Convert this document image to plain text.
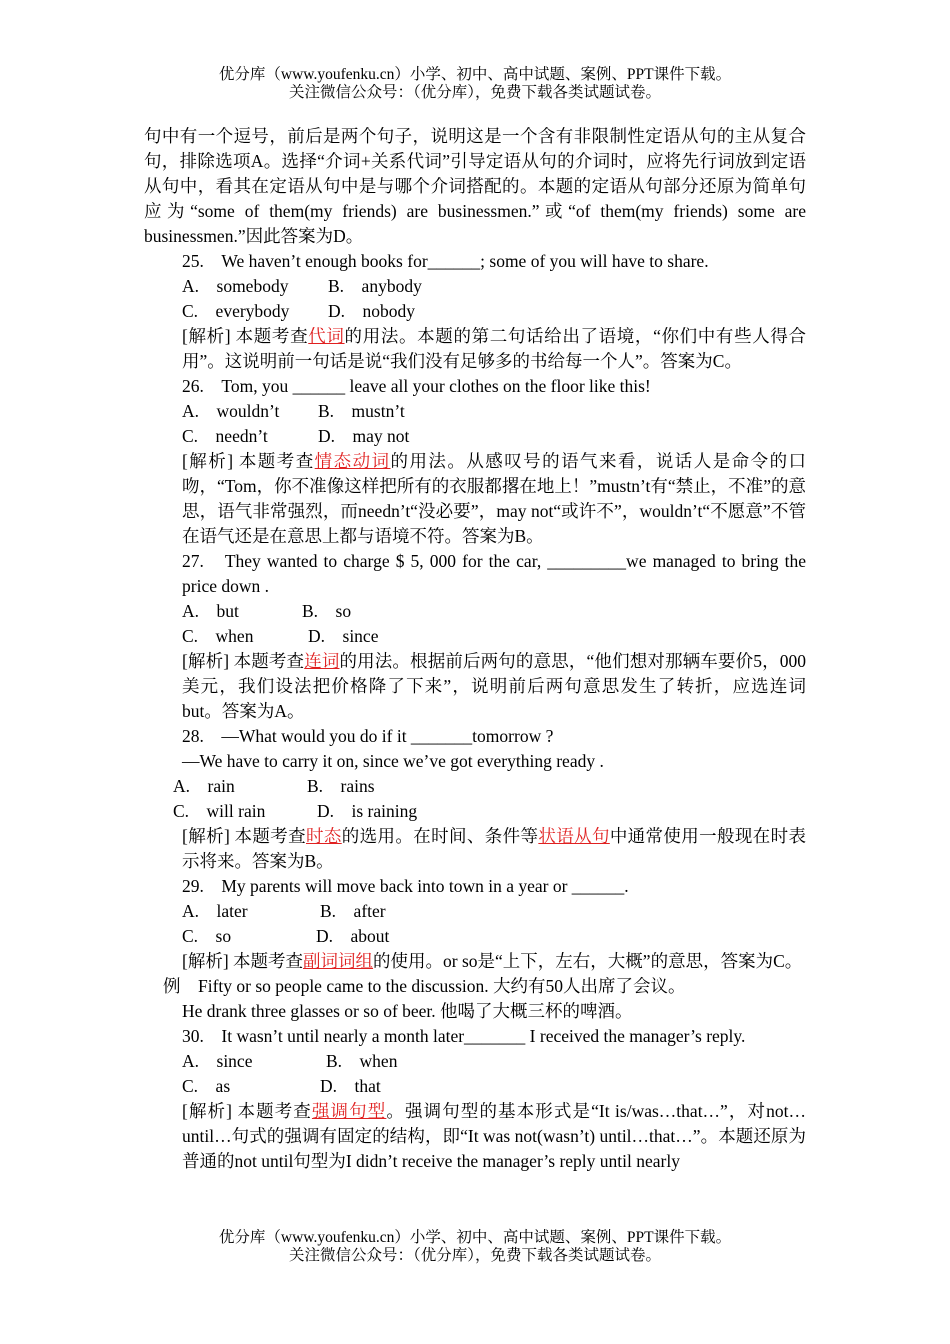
优分库（www.youfenku.cn）小学、初中、高中试题、案例、PPT课件下载。
关注微信公众号：（优分库），免费下载各类试题试卷。

句中有一个逗号，前后是两个句子，说明这是一个含有非限制性定语从句的主从复合句，排除选项A。选择“介词+关系代词”引导定语从句的介词时，应将先行词放到定语从句中，看其在定语从句中是与哪个介词搭配的。本题的定语从句部分还原为简单句应为“some of them(my friends) are businessmen.”或“of them(my friends) some are businessmen.”因此答案为D。

25.　We haven’t enough books for______; some of you will have to share.

A.　somebody B.　anybody

C.　everybody D.　nobody

[解析] 本题考查代词的用法。本题的第二句话给出了语境，“你们中有些人得合用”。这说明前一句话是说“我们没有足够多的书给每一个人”。答案为C。

26.　Tom, you ______ leave all your clothes on the floor like this!

A.　wouldn’t B.　mustn’t

C.　needn’t	D.　may not

[解析] 本题考查情态动词的用法。从感叹号的语气来看，说话人是命令的口吻，“Tom，你不准像这样把所有的衣服都撂在地上！”mustn’t有“禁止，不准”的意思，语气非常强烈，而needn’t“没必要”，may not“或许不”，wouldn’t“不愿意”不管在语气还是在意思上都与语境不符。答案为B。

27.　They wanted to charge $ 5, 000 for the car, _________we managed to bring the price down .

A.　but	B.　so

C.　when	D.　since

[解析] 本题考查连词的用法。根据前后两句的意思，“他们想对那辆车要价5，000美元，我们设法把价格降了下来”，说明前后两句意思发生了转折，应选连词but。答案为A。

28.　—What would you do if it _______tomorrow ?

—We have to carry it on, since we’ve got everything ready .

A.　rain	B.　rains

C.　will rain	D.　is raining

[解析] 本题考查时态的选用。在时间、条件等状语从句中通常使用一般现在时表示将来。答案为B。

29.　My parents will move back into town in a year or ______.

A.　later	B.　after

C.　so	D.　about

[解析] 本题考查副词词组的使用。or so是“上下，左右，大概”的意思，答案为C。

例　Fifty or so people came to the discussion. 大约有50人出席了会议。

He drank three glasses or so of beer. 他喝了大概三杯的啤酒。

30.　It wasn’t until nearly a month later_______ I received the manager’s reply.

A.　since	B.　when

C.　as	D.　that

[解析] 本题考查强调句型。强调句型的基本形式是“It is/was…that…”，对not… until…句式的强调有固定的结构，即“It was not(wasn’t) until…that…”。本题还原为普通的not until句型为I didn’t receive the manager’s reply until nearly

优分库（www.youfenku.cn）小学、初中、高中试题、案例、PPT课件下载。
关注微信公众号：（优分库），免费下载各类试题试卷。
